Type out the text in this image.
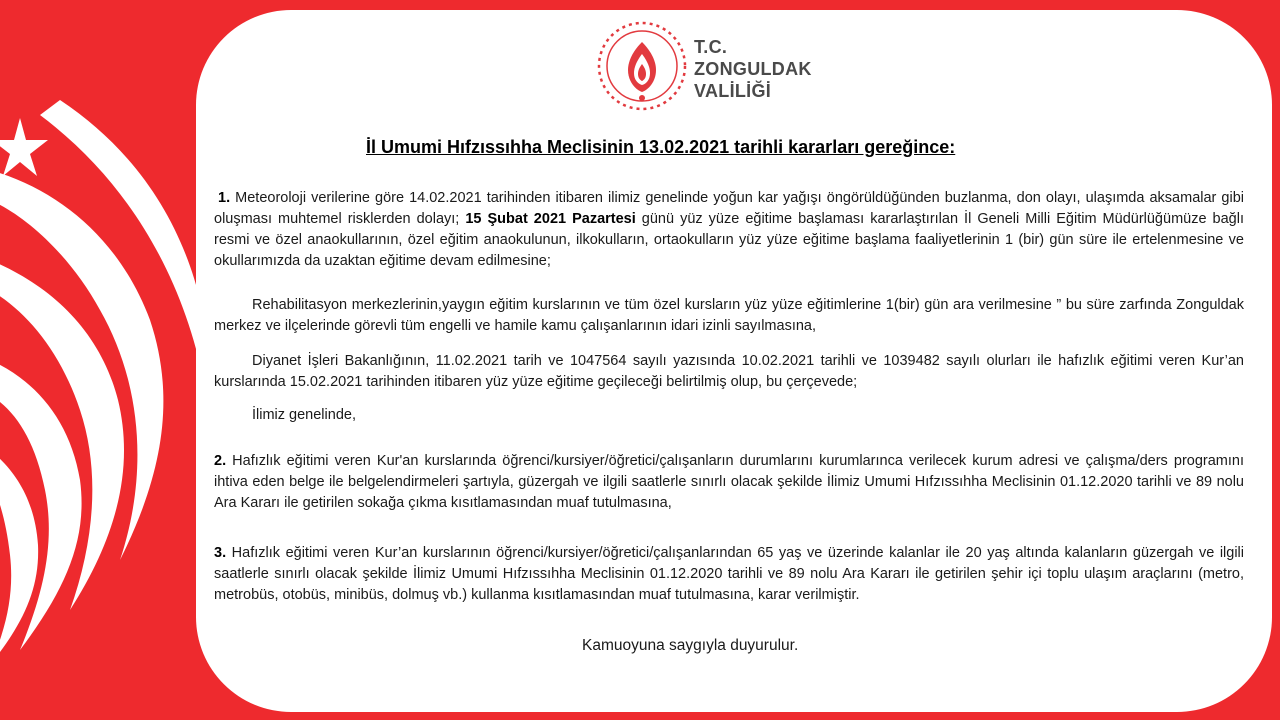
T.C.
ZONGULDAK
VALİLİĞİ
İl Umumi Hıfzıssıhha Meclisinin 13.02.2021 tarihli kararları gereğince:
1. Meteoroloji verilerine göre 14.02.2021 tarihinden itibaren ilimiz genelinde yoğun kar yağışı öngörüldüğünden buzlanma, don olayı, ulaşımda aksamalar gibi oluşması muhtemel risklerden dolayı; 15 Şubat 2021 Pazartesi günü yüz yüze eğitime başlaması kararlaştırılan İl Geneli Milli Eğitim Müdürlüğümüze bağlı resmi ve özel anaokullarının, özel eğitim anaokulunun, ilkokulların, ortaokulların yüz yüze eğitime başlama faaliyetlerinin 1 (bir) gün süre ile ertelenmesine ve okullarımızda da uzaktan eğitime devam edilmesine;
Rehabilitasyon merkezlerinin,yaygın eğitim kurslarının ve tüm özel kursların yüz yüze eğitimlerine 1(bir) gün ara verilmesine ” bu süre zarfında Zonguldak merkez ve ilçelerinde görevli tüm engelli ve hamile kamu çalışanlarının idari izinli sayılmasına,
Diyanet İşleri Bakanlığının, 11.02.2021 tarih ve 1047564 sayılı yazısında 10.02.2021 tarihli ve 1039482 sayılı olurları ile hafızlık eğitimi veren Kur’an kurslarında 15.02.2021 tarihinden itibaren yüz yüze eğitime geçileceği belirtilmiş olup, bu çerçevede;
İlimiz genelinde,
2. Hafızlık eğitimi veren Kur'an kurslarında öğrenci/kursiyer/öğretici/çalışanların durumlarını kurumlarınca verilecek kurum adresi ve çalışma/ders programını ihtiva eden belge ile belgelendirmeleri şartıyla, güzergah ve ilgili saatlerle sınırlı olacak şekilde İlimiz Umumi Hıfzıssıhha Meclisinin 01.12.2020 tarihli ve 89 nolu Ara Kararı ile getirilen sokağa çıkma kısıtlamasından muaf tutulmasına,
3. Hafızlık eğitimi veren Kur’an kurslarının öğrenci/kursiyer/öğretici/çalışanlarından 65 yaş ve üzerinde kalanlar ile 20 yaş altında kalanların güzergah ve ilgili saatlerle sınırlı olacak şekilde İlimiz Umumi Hıfzıssıhha Meclisinin 01.12.2020 tarihli ve 89 nolu Ara Kararı ile getirilen şehir içi toplu ulaşım araçlarını (metro, metrobüs, otobüs, minibüs, dolmuş vb.) kullanma kısıtlamasından muaf tutulmasına, karar verilmiştir.
Kamuoyuna saygıyla duyurulur.
